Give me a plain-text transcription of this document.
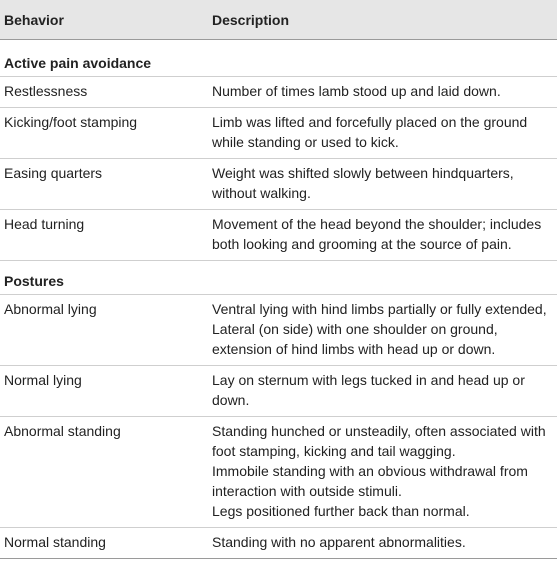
Behavior	Description
Active pain avoidance	
Restlessness	Number of times lamb stood up and laid down.

Kicking/foot stamping	Limb was lifted and forcefully placed on the ground while standing or used to kick.

Easing quarters	Weight was shifted slowly between hindquarters, without walking.

Head turning	Movement of the head beyond the shoulder; includes both looking and grooming at the source of pain.

Postures	
Abnormal lying	Ventral lying with hind limbs partially or fully extended, Lateral (on side) with one shoulder on ground, extension of hind limbs with head up or down.

Normal lying	Lay on sternum with legs tucked in and head up or down.

Abnormal standing	Standing hunched or unsteadily, often associated with foot stamping, kicking and tail wagging.
Immobile standing with an obvious withdrawal from interaction with outside stimuli.
Legs positioned further back than normal.

Normal standing	Standing with no apparent abnormalities.
